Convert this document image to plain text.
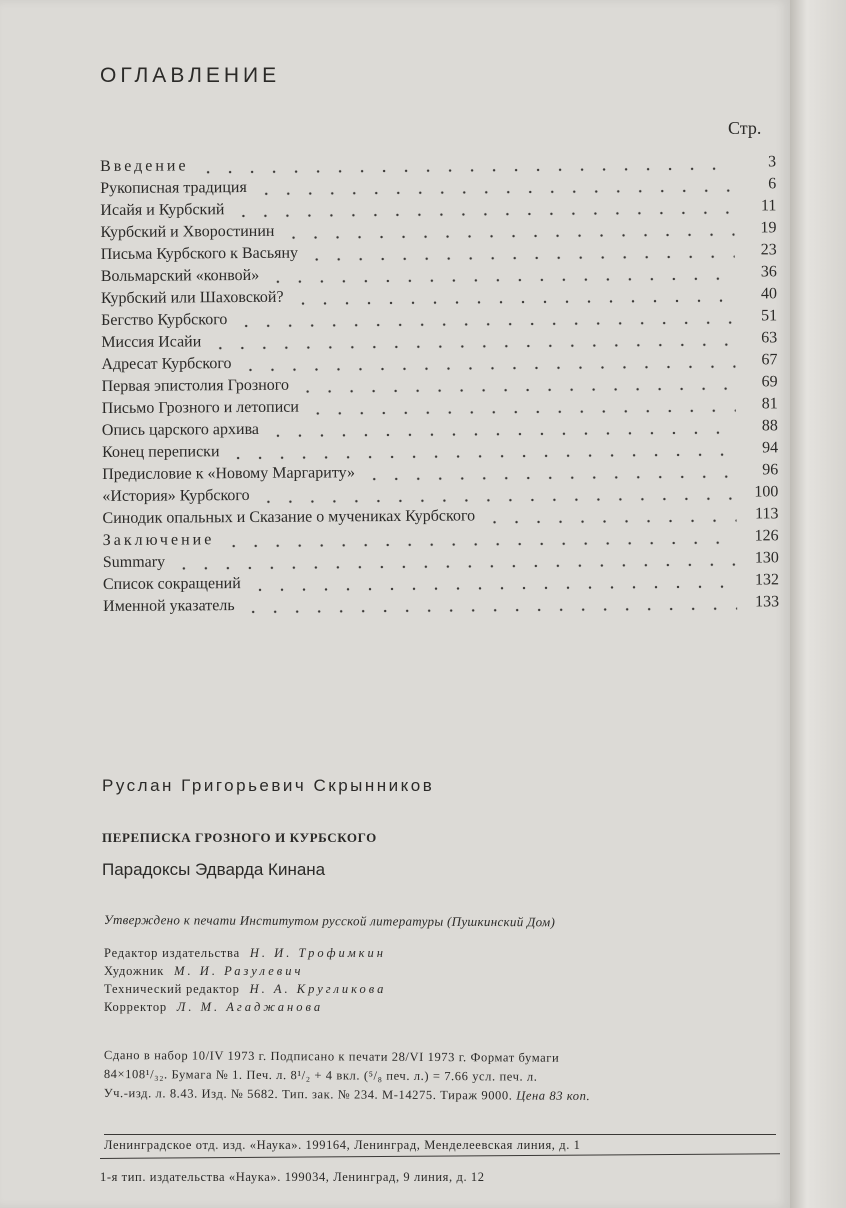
ОГЛАВЛЕНИЕ
Стр.
Введение	3
Рукописная традиция	6
Исайя и Курбский	11
Курбский и Хворостинин	19
Письма Курбского к Васьяну	23
Вольмарский «конвой»	36
Курбский или Шаховской?	40
Бегство Курбского	51
Миссия Исайи	63
Адресат Курбского	67
Первая эпистолия Грозного	69
Письмо Грозного и летописи	81
Опись царского архива	88
Конец переписки	94
Предисловие к «Новому Маргариту»	96
«История» Курбского	100
Синодик опальных и Сказание о мучениках Курбского	113
Заключение	126
Summary	130
Список сокращений	132
Именной указатель	133
Руслан Григорьевич Скрынников
ПЕРЕПИСКА ГРОЗНОГО И КУРБСКОГО
Парадоксы Эдварда Кинана
Утверждено к печати Институтом русской литературы (Пушкинский Дом)
Редактор издательства Н. И. Трофимкин
Художник М. И. Разулевич
Технический редактор Н. А. Кругликова
Корректор Л. М. Агаджанова
Сдано в набор 10/IV 1973 г. Подписано к печати 28/VI 1973 г. Формат бумаги
84×108¹/₃₂. Бумага № 1. Печ. л. 8¹/₂ + 4 вкл. (⁵/₈ печ. л.) = 7.66 усл. печ. л.
Уч.-изд. л. 8.43. Изд. № 5682. Тип. зак. № 234. М-14275. Тираж 9000. Цена 83 коп.
Ленинградское отд. изд. «Наука». 199164, Ленинград, Менделеевская линия, д. 1
1-я тип. издательства «Наука». 199034, Ленинград, 9 линия, д. 12
